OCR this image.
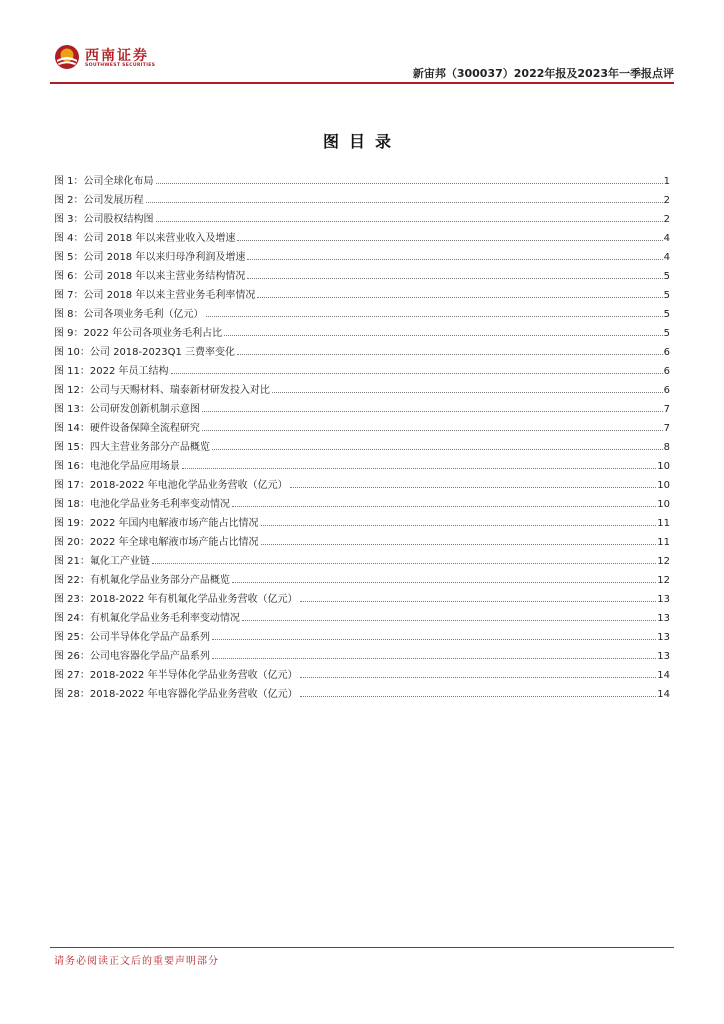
西南证券
SOUTHWEST SECURITIES
新宙邦（300037）2022年报及2023年一季报点评
图目录
图 1：公司全球化布局	1
图 2：公司发展历程	2
图 3：公司股权结构图	2
图 4：公司 2018 年以来营业收入及增速	4
图 5：公司 2018 年以来归母净利润及增速	4
图 6：公司 2018 年以来主营业务结构情况	5
图 7：公司 2018 年以来主营业务毛利率情况	5
图 8：公司各项业务毛利（亿元）	5
图 9：2022 年公司各项业务毛利占比	5
图 10：公司 2018-2023Q1 三费率变化	6
图 11：2022 年员工结构	6
图 12：公司与天赐材料、瑞泰新材研发投入对比	6
图 13：公司研发创新机制示意图	7
图 14：硬件设备保障全流程研究	7
图 15：四大主营业务部分产品概览	8
图 16：电池化学品应用场景	10
图 17：2018-2022 年电池化学品业务营收（亿元）	10
图 18：电池化学品业务毛利率变动情况	10
图 19：2022 年国内电解液市场产能占比情况	11
图 20：2022 年全球电解液市场产能占比情况	11
图 21：氟化工产业链	12
图 22：有机氟化学品业务部分产品概览	12
图 23：2018-2022 年有机氟化学品业务营收（亿元）	13
图 24：有机氟化学品业务毛利率变动情况	13
图 25：公司半导体化学品产品系列	13
图 26：公司电容器化学品产品系列	13
图 27：2018-2022 年半导体化学品业务营收（亿元）	14
图 28：2018-2022 年电容器化学品业务营收（亿元）	14
请务必阅读正文后的重要声明部分
